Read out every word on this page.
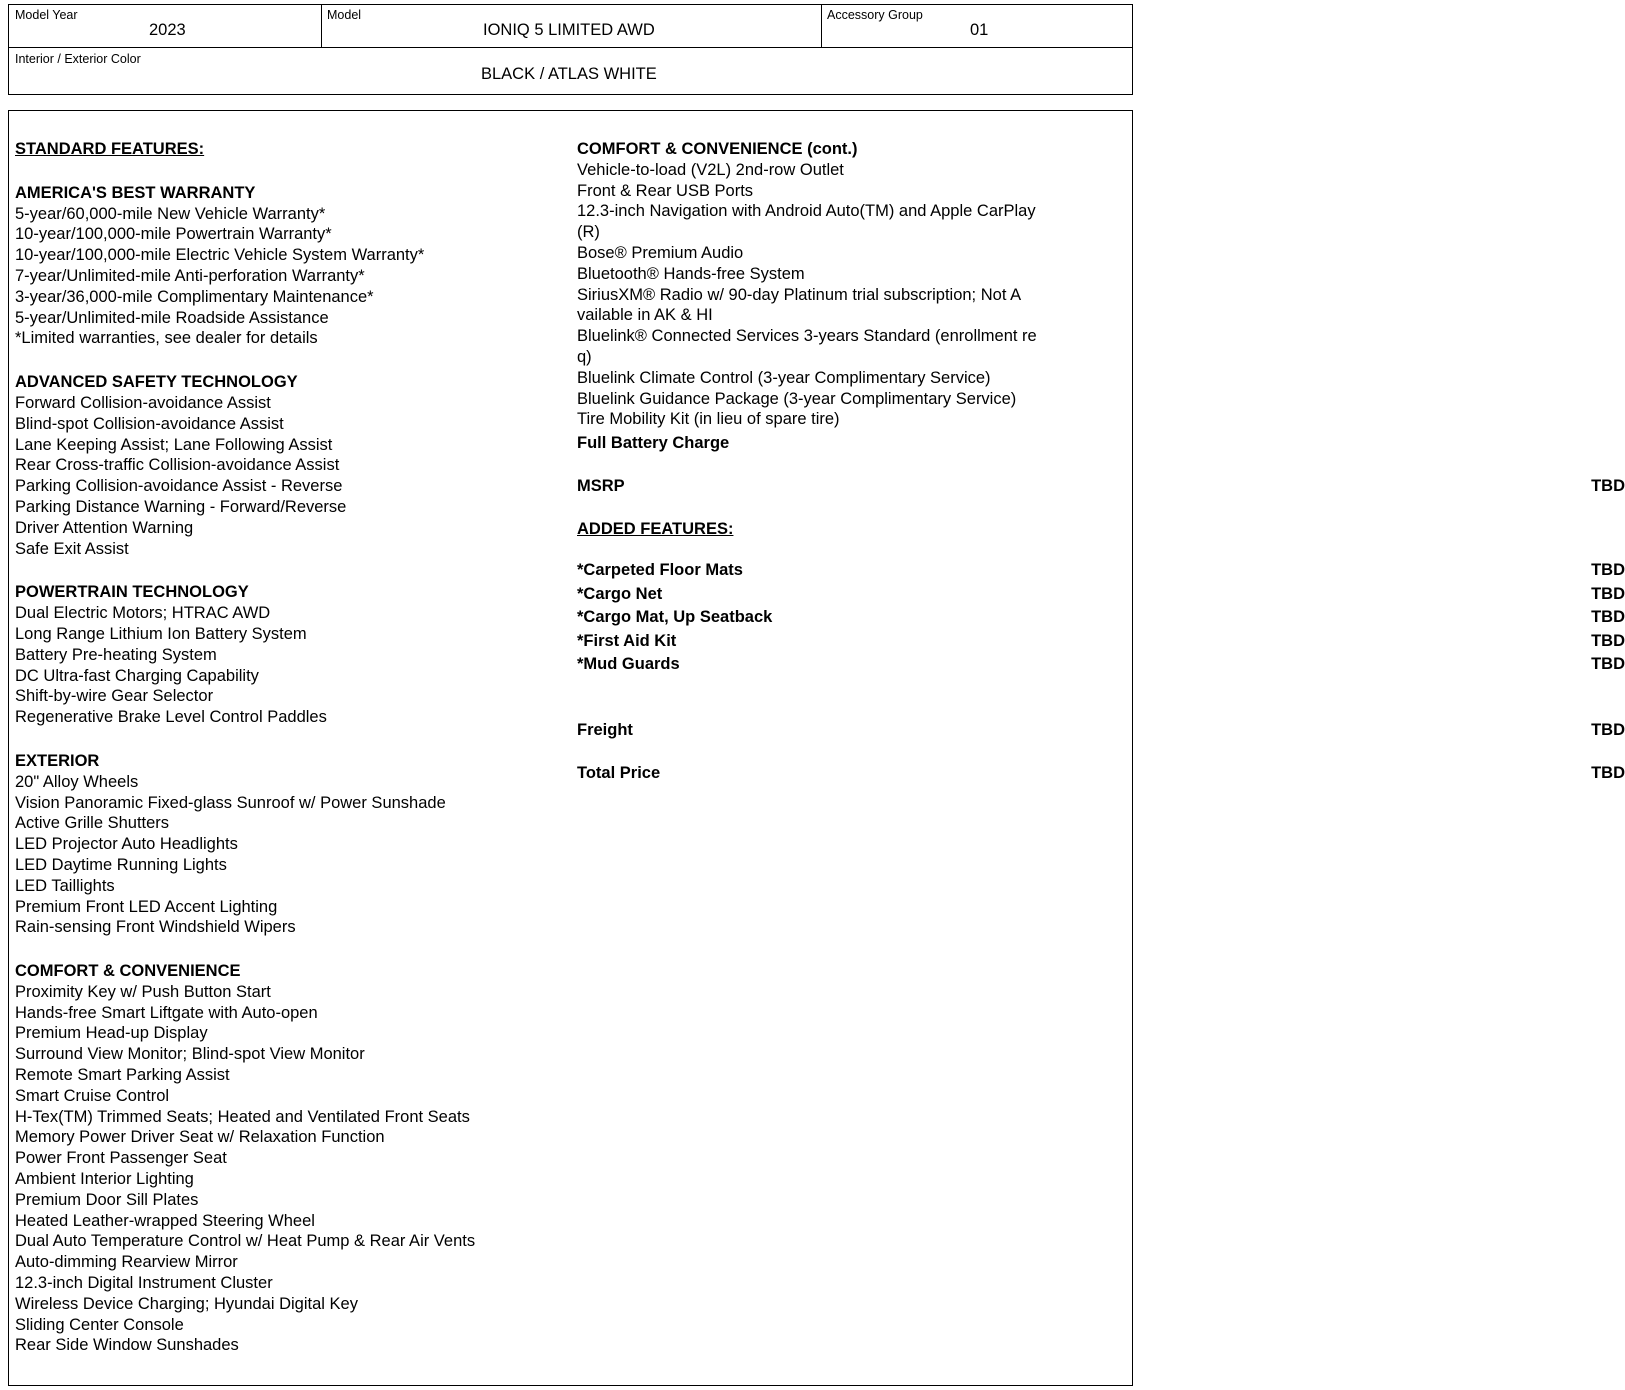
Model Year
2023
Model
IONIQ 5 LIMITED AWD
Accessory Group
01
Interior / Exterior Color
BLACK / ATLAS WHITE
STANDARD FEATURES:
AMERICA'S BEST WARRANTY
5-year/60,000-mile New Vehicle Warranty*
10-year/100,000-mile Powertrain Warranty*
10-year/100,000-mile Electric Vehicle System Warranty*
7-year/Unlimited-mile Anti-perforation Warranty*
3-year/36,000-mile Complimentary Maintenance*
5-year/Unlimited-mile Roadside Assistance
*Limited warranties, see dealer for details
ADVANCED SAFETY TECHNOLOGY
Forward Collision-avoidance Assist
Blind-spot Collision-avoidance Assist
Lane Keeping Assist; Lane Following Assist
Rear Cross-traffic Collision-avoidance Assist
Parking Collision-avoidance Assist - Reverse
Parking Distance Warning - Forward/Reverse
Driver Attention Warning
Safe Exit Assist
POWERTRAIN TECHNOLOGY
Dual Electric Motors; HTRAC AWD
Long Range Lithium Ion Battery System
Battery Pre-heating System
DC Ultra-fast Charging Capability
Shift-by-wire Gear Selector
Regenerative Brake Level Control Paddles
EXTERIOR
20" Alloy Wheels
Vision Panoramic Fixed-glass Sunroof w/ Power Sunshade
Active Grille Shutters
LED Projector Auto Headlights
LED Daytime Running Lights
LED Taillights
Premium Front LED Accent Lighting
Rain-sensing Front Windshield Wipers
COMFORT & CONVENIENCE
Proximity Key w/ Push Button Start
Hands-free Smart Liftgate with Auto-open
Premium Head-up Display
Surround View Monitor; Blind-spot View Monitor
Remote Smart Parking Assist
Smart Cruise Control
H-Tex(TM) Trimmed Seats; Heated and Ventilated Front Seats
Memory Power Driver Seat w/ Relaxation Function
Power Front Passenger Seat
Ambient Interior Lighting
Premium Door Sill Plates
Heated Leather-wrapped Steering Wheel
Dual Auto Temperature Control w/ Heat Pump & Rear Air Vents
Auto-dimming Rearview Mirror
12.3-inch Digital Instrument Cluster
Wireless Device Charging; Hyundai Digital Key
Sliding Center Console
Rear Side Window Sunshades
COMFORT & CONVENIENCE (cont.)
Vehicle-to-load (V2L) 2nd-row Outlet
Front & Rear USB Ports
12.3-inch Navigation with Android Auto(TM) and Apple CarPlay
(R)
Bose® Premium Audio
Bluetooth® Hands-free System
SiriusXM® Radio w/ 90-day Platinum trial subscription; Not A
vailable in AK & HI
Bluelink® Connected Services 3-years Standard (enrollment re
q)
Bluelink Climate Control (3-year Complimentary Service)
Bluelink Guidance Package (3-year Complimentary Service)
Tire Mobility Kit (in lieu of spare tire)
Full Battery Charge
MSRP	TBD
ADDED FEATURES:
*Carpeted Floor Mats	TBD
*Cargo Net	TBD
*Cargo Mat, Up Seatback	TBD
*First Aid Kit	TBD
*Mud Guards	TBD
Freight	TBD
Total Price	TBD
